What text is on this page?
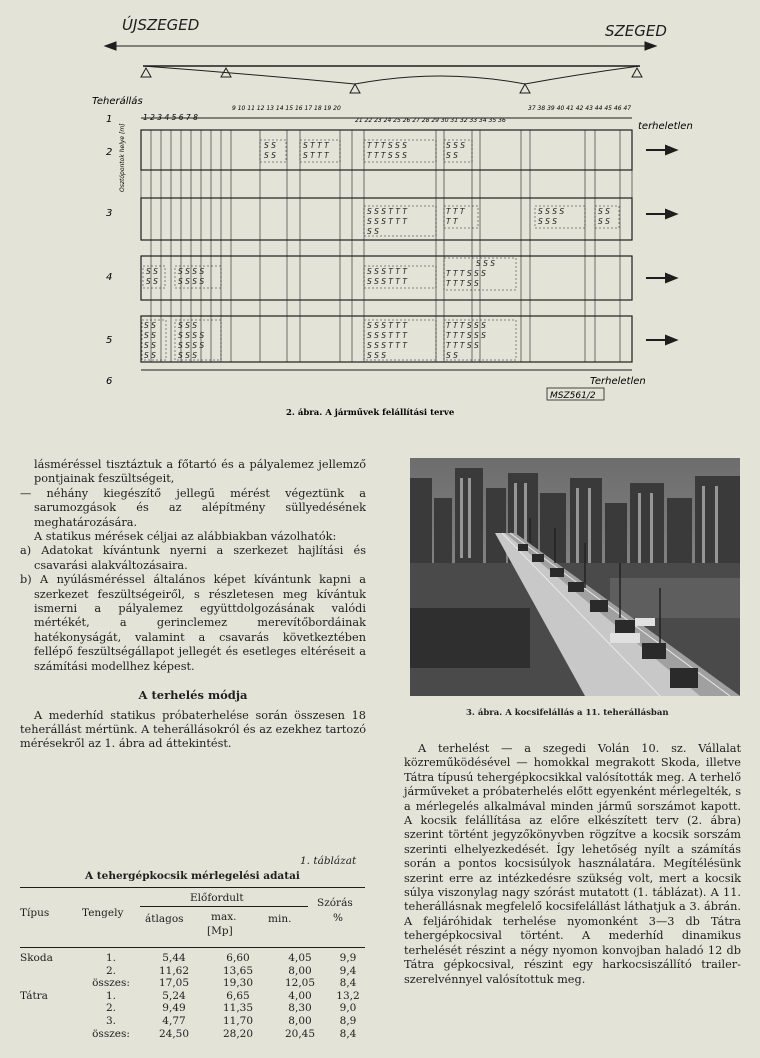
ÚJSZEGED	SZEGED
Teherállás
1 2 3 4 5 6 7 8
9 10 11 12 13 14 15 16 17 18 19 20
21 22 23 24 25 26 27 28 29 30 31 32 33 34 35 36
37 38 39 40 41 42 43 44 45 46 47
1
2
3
4
5
6
terheletlen
Terheletlen
Osztópontok helye [m]	S S
S S
S T T T
S T T T
T T T S S S
T T T S S S
S S S
S S
S S S T T T
S S S T T T
S S
T T T
T T
S S S S
S S S
S S
S S
S S
S S
S S S S
S S S S
S S S T T T
S S S T T T
S S S
T T T S S S
T T T S S
S S
S S
S S
S S
S S S
S S S S
S S S S
S S S
S S S T T T
S S S T T T
S S S T T T
S S S
T T T S S S
T T T S S S
T T T S S
S S
MSZ561/2
2. ábra. A járművek felállítási terve

lásméréssel tisztáztuk a főtartó és a pályalemez jellemző pontjainak feszültségeit,

— néhány kiegészítő jellegű mérést végeztünk a sarumozgások és az alépítmény süllyedésének meghatározására.

A statikus mérések céljai az alábbiakban vázolhatók:

a) Adatokat kívántunk nyerni a szerkezet hajlítási és csavarási alakváltozásaira.

b) A nyúlásméréssel általános képet kívántunk kapni a szerkezet feszültségeiről, s részletesen meg kívántuk ismerni a pályalemez együttdolgozásának valódi mértékét, a gerinclemez merevítőbordáinak hatékonyságát, valamint a csavarás következtében fellépő feszültségállapot jellegét és esetleges eltéréseit a számítási modellhez képest.

A terhelés módja

A mederhíd statikus próbaterhelése során összesen 18 teherállást mértünk. A teherállásokról és az ezekhez tartozó mérésekről az 1. ábra ad áttekintést.

1. táblázat
A tehergépkocsik mérlegelési adatai
Típus	Tengely
Előfordult
átlagos	max.
[Mp]
min.
Szórás
%
Skoda	1.	5,44	6,60	4,05	9,9
	2.	11,62	13,65	8,00	9,4
	összes:	17,05	19,30	12,05	8,4
Tátra	1.	5,24	6,65	4,00	13,2
	2.	9,49	11,35	8,30	9,0
	3.	4,77	11,70	8,00	8,9
	összes:	24,50	28,20	20,45	8,4
3. ábra. A kocsifelállás a 11. teherállásban

A terhelést — a szegedi Volán 10. sz. Vállalat közreműködésével — homokkal megrakott Skoda, illetve Tátra típusú tehergépkocsikkal valósították meg. A terhelő járműveket a próbaterhelés előtt egyenként mérlegelték, s a mérlegelés alkalmával minden jármű sorszámot kapott. A kocsik felállítása az előre elkészített terv (2. ábra) szerint történt jegyzőkönyvben rögzítve a kocsik sorszám szerinti elhelyezkedését. Így lehetőség nyílt a számítás során a pontos kocsisúlyok használatára. Megítélésünk szerint erre az intézkedésre szükség volt, mert a kocsik súlya viszonylag nagy szórást mutatott (1. táblázat). A 11. teherállásnak megfelelő kocsifelállást láthatjuk a 3. ábrán. A feljáróhidak terhelése nyomonként 3—3 db Tátra tehergépkocsival történt. A mederhíd dinamikus terhelését részint a négy nyomon konvojban haladó 12 db Tátra gépkocsival, részint egy harkocsiszállító trailer-szerelvénnyel valósítottuk meg.
